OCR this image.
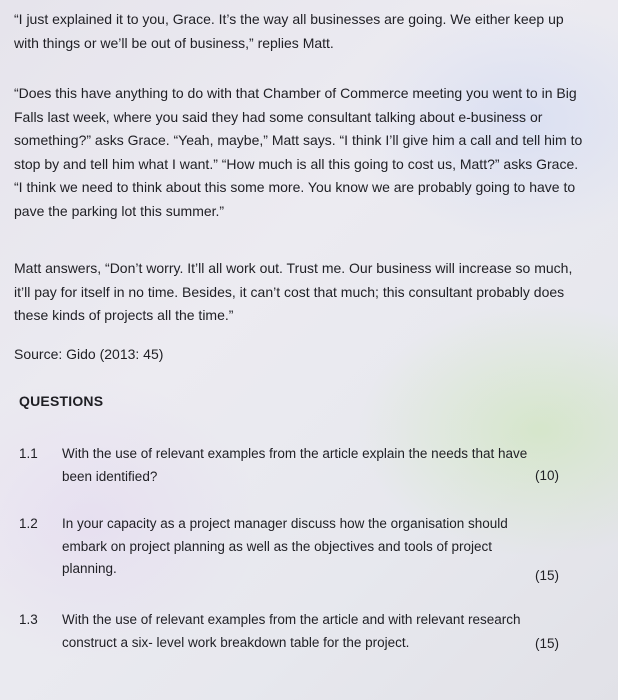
“I just explained it to you, Grace. It’s the way all businesses are going. We either keep up with things or we’ll be out of business,” replies Matt.

“Does this have anything to do with that Chamber of Commerce meeting you went to in Big Falls last week, where you said they had some consultant talking about e-business or something?” asks Grace. “Yeah, maybe,” Matt says. “I think I’ll give him a call and tell him to stop by and tell him what I want.” “How much is all this going to cost us, Matt?” asks Grace. “I think we need to think about this some more. You know we are probably going to have to pave the parking lot this summer.”

Matt answers, “Don’t worry. It’ll all work out. Trust me. Our business will increase so much, it’ll pay for itself in no time. Besides, it can’t cost that much; this consultant probably does these kinds of projects all the time.”

Source: Gido (2013: 45)

QUESTIONS
1.1 With the use of relevant examples from the article explain the needs that have been identified?	(10)
1.2 In your capacity as a project manager discuss how the organisation should embark on project planning as well as the objectives and tools of project planning.	(15)
1.3 With the use of relevant examples from the article and with relevant research construct a six- level work breakdown table for the project.	(15)
